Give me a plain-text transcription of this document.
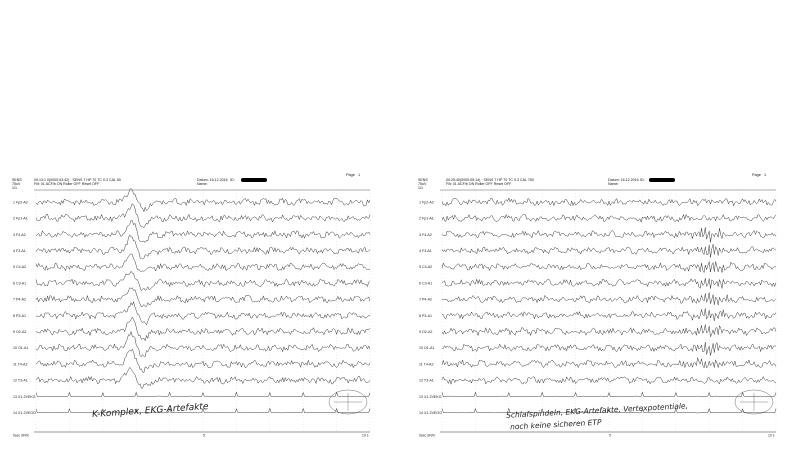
Page 1
SENS
75uV
1/1
00:13:1 0(0000:03:42) · SENS 7 HP 70 TC 0.3 CAL 50
Filt: 01 ACF/b ON Roller OFF Reset OFF
Datum: 16.12.2016
Name:
ID:
1 Fp2-A2
2 Fp1-A1
3 F4-A2
4 F3-A1
5 C4-A2
6 C3-A1
7 P4-A2
8 P3-A1
9 O2-A2
10 O1-A1
11 T4-A2
12 T3-A1
13 X1-2V
14 X1-2V
EKG
EOG
0sec SN%	5	10 s
K-Komplex, EKG-Artefakte
Page 1
SENS
75uV
1/1
00:25:40(0000:05:14) · SENS 7 HP 70 TC 0.3 CAL 750
Filt: 01 ACF/b ON Roller OFF Reset OFF
Datum: 16.12.2016
Name:
ID:
1 Fp2-A2
2 Fp1-A1
3 F4-A2
4 F3-A1
5 C4-A2
6 C3-A1
7 P4-A2
8 P3-A1
9 O2-A2
10 O1-A1
11 T4-A2
12 T3-A1
13 X1-2V
14 X1-2V
EKG
EOG
0sec SN%	5	10 s
Schlafspindeln, EKG-Artefakte, Vertexpotentiale,
noch keine sicheren ETP
